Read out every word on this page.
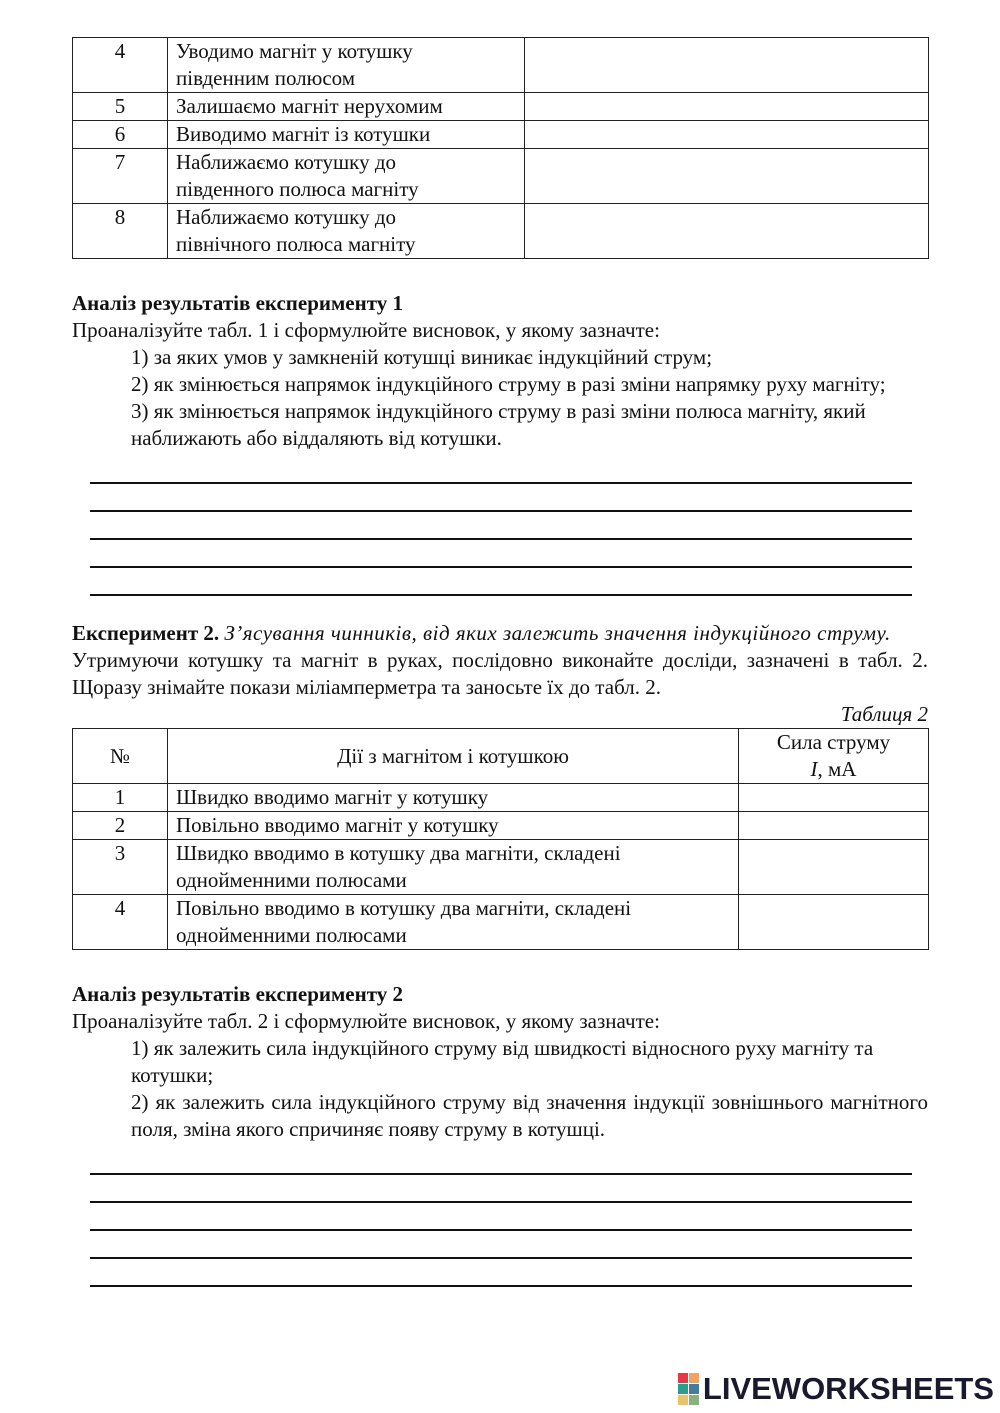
4	Уводимо магніт у котушку
південним полюсом	

5	Залишаємо магніт нерухомим	

6	Виводимо магніт із котушки	

7	Наближаємо котушку до
південного полюса магніту	

8	Наближаємо котушку до
північного полюса магніту	

Аналіз результатів експерименту 1

Проаналізуйте табл. 1 і сформулюйте висновок, у якому зазначте:

1) за яких умов у замкненій котушці виникає індукційний струм;

2) як змінюється напрямок індукційного струму в разі зміни напрямку руху магніту;

3) як змінюється напрямок індукційного струму в разі зміни полюса магніту, який наближають або віддаляють від котушки.

Експеримент 2. З’ясування чинників, від яких залежить значення індукційного струму.

Утримуючи котушку та магніт в руках, послідовно виконайте досліди, зазначені в табл. 2. Щоразу знімайте покази міліамперметра та заносьте їх до табл. 2.

Таблиця 2

№	Дії з магнітом і котушкою	Сила струму
I, мА

1	Швидко вводимо магніт у котушку	

2	Повільно вводимо магніт у котушку	

3	Швидко вводимо в котушку два магніти, складені
однойменними полюсами	

4	Повільно вводимо в котушку два магніти, складені
однойменними полюсами	

Аналіз результатів експерименту 2

Проаналізуйте табл. 2 і сформулюйте висновок, у якому зазначте:

1) як залежить сила індукційного струму від швидкості відносного руху магніту та котушки;

2) як залежить сила індукційного струму від значення індукції зовнішнього магнітного поля, зміна якого спричиняє появу струму в котушці.

LIVEWORKSHEETS
